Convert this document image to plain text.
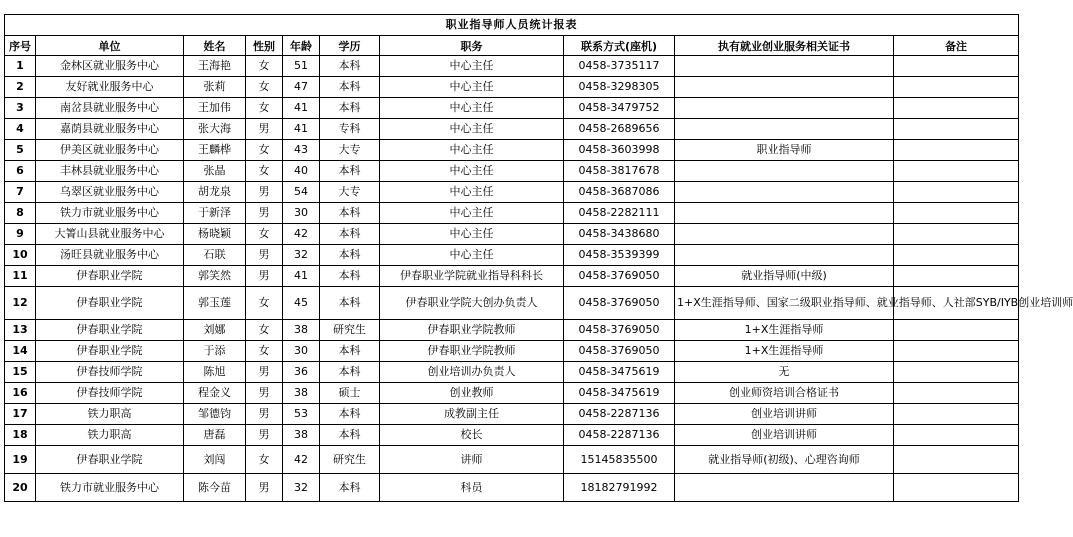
职业指导师人员统计报表									
序号	单位	姓名	性别	年龄	学历	职务	联系方式(座机)	执有就业创业服务相关证书	备注
1	金林区就业服务中心	王海艳	女	51	本科	中心主任	0458-3735117		
2	友好就业服务中心	张莉	女	47	本科	中心主任	0458-3298305		
3	南岔县就业服务中心	王加伟	女	41	本科	中心主任	0458-3479752		
4	嘉荫县就业服务中心	张大海	男	41	专科	中心主任	0458-2689656		
5	伊美区就业服务中心	王麟桦	女	43	大专	中心主任	0458-3603998	职业指导师	
6	丰林县就业服务中心	张晶	女	40	本科	中心主任	0458-3817678		
7	乌翠区就业服务中心	胡龙泉	男	54	大专	中心主任	0458-3687086		
8	铁力市就业服务中心	于新泽	男	30	本科	中心主任	0458-2282111		
9	大箐山县就业服务中心	杨晓颖	女	42	本科	中心主任	0458-3438680		
10	汤旺县就业服务中心	石联	男	32	本科	中心主任	0458-3539399		
11	伊春职业学院	郭笑然	男	41	本科	伊春职业学院就业指导科科长	0458-3769050	就业指导师(中级)	
12	伊春职业学院	郭玉莲	女	45	本科	伊春职业学院大创办负责人	0458-3769050	1+X生涯指导师、国家二级职业指导师、就业指导师、人社部SYB/IYB创业培训师	
13	伊春职业学院	刘娜	女	38	研究生	伊春职业学院教师	0458-3769050	1+X生涯指导师	
14	伊春职业学院	于添	女	30	本科	伊春职业学院教师	0458-3769050	1+X生涯指导师	
15	伊春技师学院	陈旭	男	36	本科	创业培训办负责人	0458-3475619	无	
16	伊春技师学院	程金义	男	38	硕士	创业教师	0458-3475619	创业师资培训合格证书	
17	铁力职高	邹德钧	男	53	本科	成教副主任	0458-2287136	创业培训讲师	
18	铁力职高	唐磊	男	38	本科	校长	0458-2287136	创业培训讲师	
19	伊春职业学院	刘闯	女	42	研究生	讲师	15145835500	就业指导师(初级)、心理咨询师	
20	铁力市就业服务中心	陈今苗	男	32	本科	科员	18182791992		
